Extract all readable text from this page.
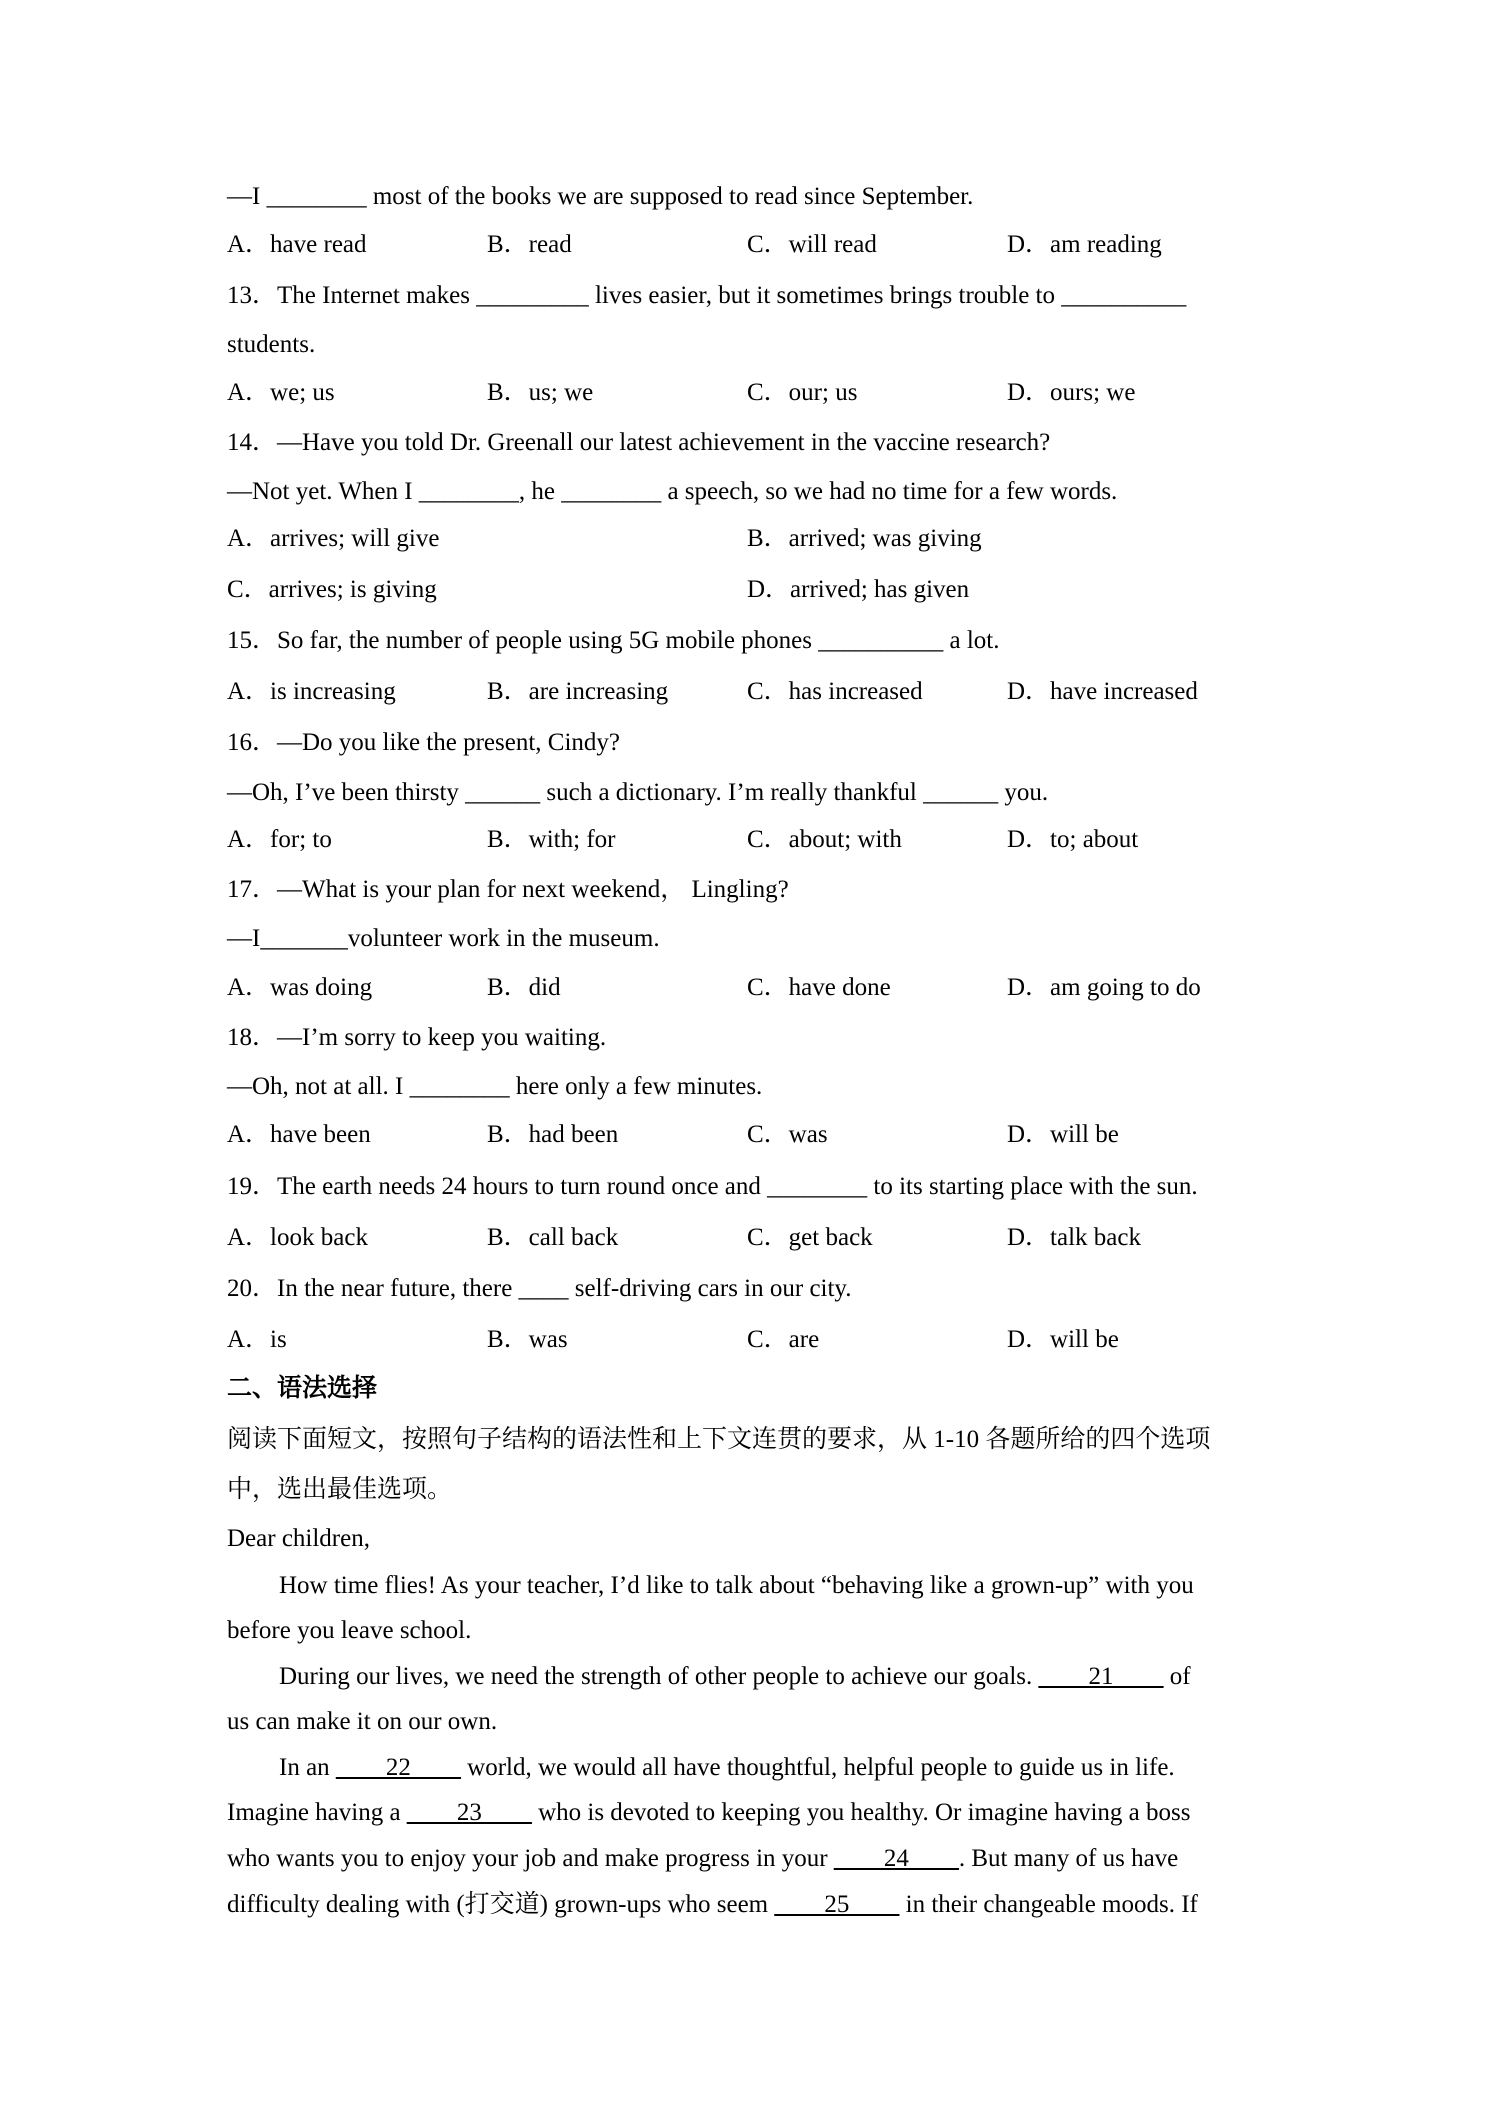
—I ________ most of the books we are supposed to read since September.
A．have read	B．read	C．will read	D．am reading
13．The Internet makes _________ lives easier, but it sometimes brings trouble to __________
students.
A．we; us	B．us; we	C．our; us	D．ours; we
14．—Have you told Dr. Greenall our latest achievement in the vaccine research?
—Not yet. When I ________, he ________ a speech, so we had no time for a few words.
A．arrives; will give	B．arrived; was giving
C．arrives; is giving	D．arrived; has given
15．So far, the number of people using 5G mobile phones __________ a lot.
A．is increasing	B．are increasing	C．has increased	D．have increased
16．—Do you like the present, Cindy?
—Oh, I’ve been thirsty ______ such a dictionary. I’m really thankful ______ you.
A．for; to	B．with; for	C．about; with	D．to; about
17．—What is your plan for next weekend， Lingling?
—I_______volunteer work in the museum.
A．was doing	B．did	C．have done	D．am going to do
18．—I’m sorry to keep you waiting.
—Oh, not at all. I ________ here only a few minutes.
A．have been	B．had been	C．was	D．will be
19．The earth needs 24 hours to turn round once and ________ to its starting place with the sun.
A．look back	B．call back	C．get back	D．talk back
20．In the near future, there ____ self-driving cars in our city.
A．is	B．was	C．are	D．will be
二、语法选择
阅读下面短文，按照句子结构的语法性和上下文连贯的要求，从 1-10 各题所给的四个选项
中，选出最佳选项。
Dear children,
How time flies! As your teacher, I’d like to talk about “behaving like a grown-up” with you
before you leave school.
During our lives, we need the strength of other people to achieve our goals. ____21____ of
us can make it on our own.
In an ____22____ world, we would all have thoughtful, helpful people to guide us in life.
Imagine having a ____23____ who is devoted to keeping you healthy. Or imagine having a boss
who wants you to enjoy your job and make progress in your ____24____. But many of us have
difficulty dealing with (打交道) grown-ups who seem ____25____ in their changeable moods. If
